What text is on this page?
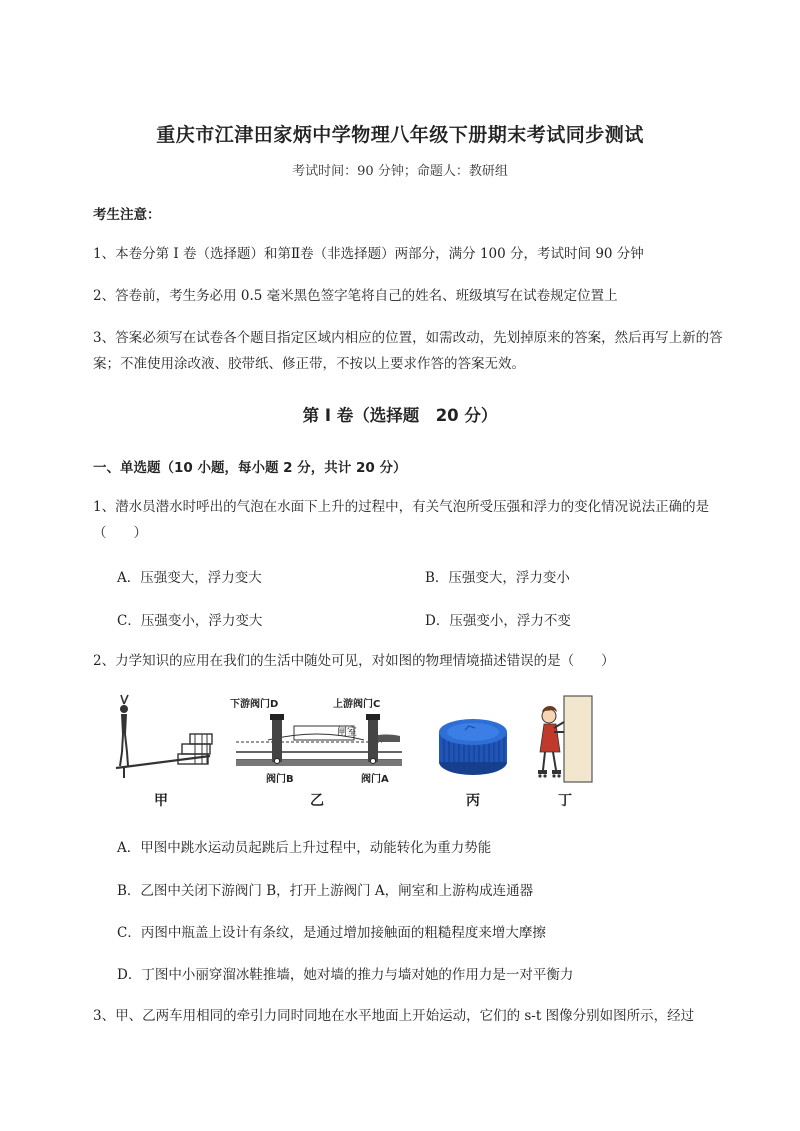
重庆市江津田家炳中学物理八年级下册期末考试同步测试
考试时间：90 分钟；命题人：教研组
考生注意：
1、本卷分第 I 卷（选择题）和第Ⅱ卷（非选择题）两部分，满分 100 分，考试时间 90 分钟
2、答卷前，考生务必用 0.5 毫米黑色签字笔将自己的姓名、班级填写在试卷规定位置上
3、答案必须写在试卷各个题目指定区域内相应的位置，如需改动，先划掉原来的答案，然后再写上新的答案；不准使用涂改液、胶带纸、修正带，不按以上要求作答的答案无效。
第 I 卷（选择题　20 分）
一、单选题（10 小题，每小题 2 分，共计 20 分）
1、潜水员潜水时呼出的气泡在水面下上升的过程中，有关气泡所受压强和浮力的变化情况说法正确的是（　　）
A．压强变大，浮力变大	B．压强变大，浮力变小
C．压强变小，浮力变大	D．压强变小，浮力不变
2、力学知识的应用在我们的生活中随处可见，对如图的物理情境描述错误的是（　　）
甲
下游阀门D	上游阀门C
闸室
阀门B	阀门A
乙	丙	丁
A．甲图中跳水运动员起跳后上升过程中，动能转化为重力势能
B．乙图中关闭下游阀门 B，打开上游阀门 A，闸室和上游构成连通器
C．丙图中瓶盖上设计有条纹，是通过增加接触面的粗糙程度来增大摩擦
D．丁图中小丽穿溜冰鞋推墙，她对墙的推力与墙对她的作用力是一对平衡力
3、甲、乙两车用相同的牵引力同时同地在水平地面上开始运动，它们的 s-t 图像分别如图所示，经过
